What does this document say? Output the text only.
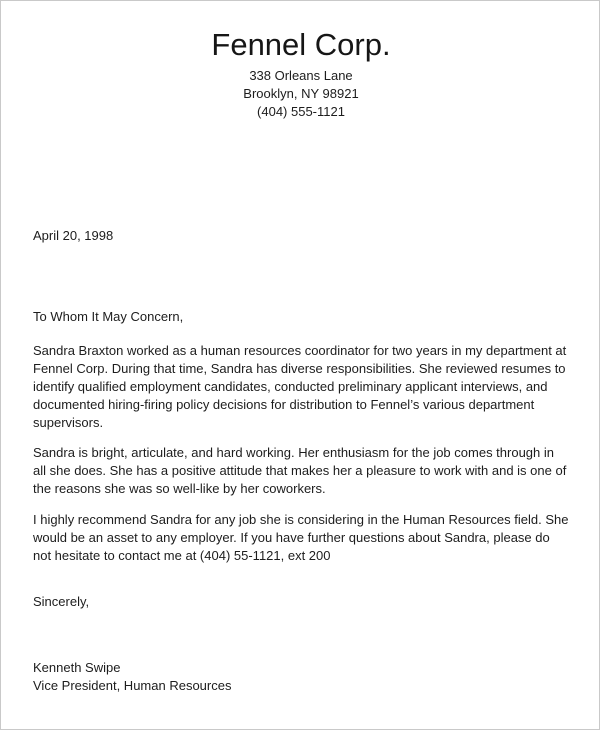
Fennel Corp.
338 Orleans Lane
Brooklyn, NY 98921
(404) 555-1121
April 20, 1998
To Whom It May Concern,

Sandra Braxton worked as a human resources coordinator for two years in my department at Fennel Corp. During that time, Sandra has diverse responsibilities. She reviewed resumes to identify qualified employment candidates, conducted preliminary applicant interviews, and documented hiring-firing policy decisions for distribution to Fennel’s various department supervisors.

Sandra is bright, articulate, and hard working. Her enthusiasm for the job comes through in all she does. She has a positive attitude that makes her a pleasure to work with and is one of the reasons she was so well-like by her coworkers.

I highly recommend Sandra for any job she is considering in the Human Resources field. She would be an asset to any employer. If you have further questions about Sandra, please do not hesitate to contact me at (404) 55-1121, ext 200

Sincerely,
Kenneth Swipe
Vice President, Human Resources
